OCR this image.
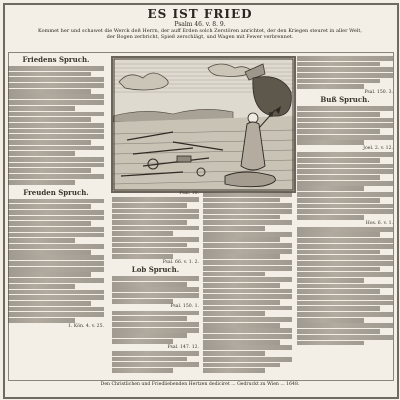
ES IST FRIED
Psalm 46. v. 8. 9.
Kommet her und schawet die Werck deß Herrn, der auff Erden solch Zerstören anrichtet, der den Kriegen steuret in aller Welt,
der Bogen zerbricht, Spieß zerschlägt, und Wagen mit Fewer verbrennet.
Friedens Spruch.
Freuden Spruch.
1. Kön. 4. v. 25.
Psal. 18.
Psal. 66. v. 1. 2.
Lob Spruch.
Psal. 150. 1.
Psal. 147. 12.
Psal. 150. 3.
Buß Spruch.
Joel. 2. v. 12.
Hos. 6. v. 1.
Den Christlichen und Friedliebenden Hertzen dediciret ... Gedruckt zu Wien ... 1648.
